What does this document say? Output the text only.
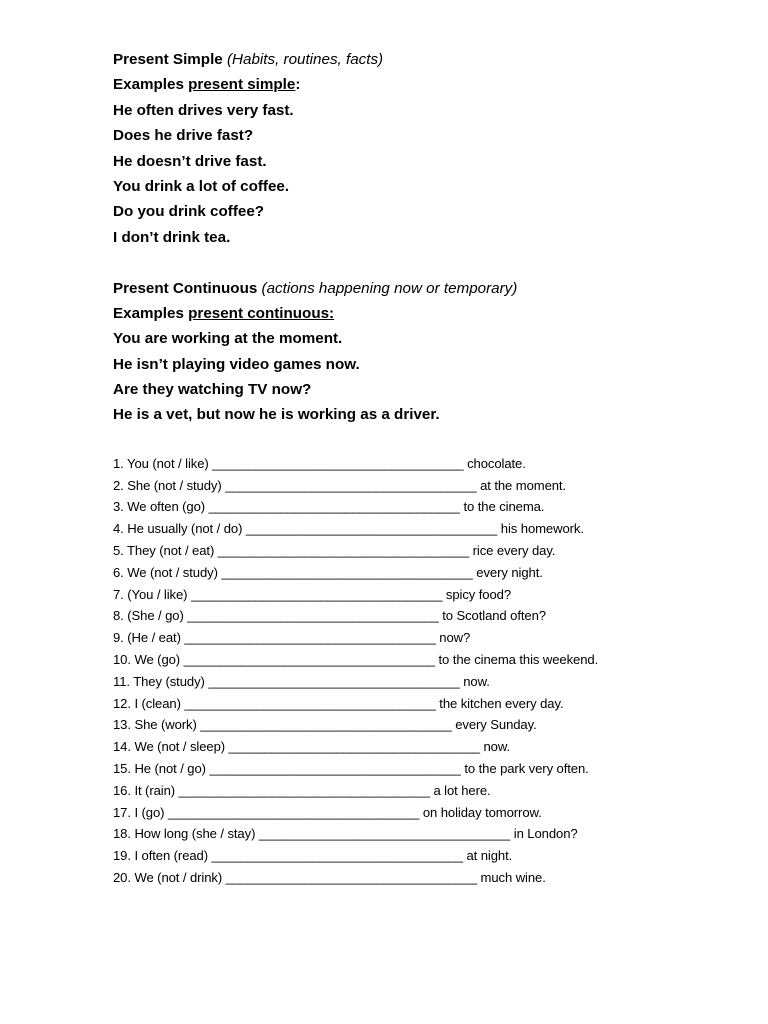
Present Simple (Habits, routines, facts)
Examples present simple:
He often drives very fast.
Does he drive fast?
He doesn’t drive fast.
You drink a lot of coffee.
Do you drink coffee?
I don’t drink tea.
Present Continuous (actions happening now or temporary)
Examples present continuous:
You are working at the moment.
He isn’t playing video games now.
Are they watching TV now?
He is a vet, but now he is working as a driver.
1. You (not / like) ___________________________________ chocolate.
2. She (not / study) ___________________________________ at the moment.
3. We often (go) ___________________________________ to the cinema.
4. He usually (not / do) ___________________________________ his homework.
5. They (not / eat) ___________________________________ rice every day.
6. We (not / study) ___________________________________ every night.
7. (You / like) ___________________________________ spicy food?
8. (She / go) ___________________________________ to Scotland often?
9. (He / eat) ___________________________________ now?
10. We (go) ___________________________________ to the cinema this weekend.
11. They (study) ___________________________________ now.
12. I (clean) ___________________________________ the kitchen every day.
13. She (work) ___________________________________ every Sunday.
14. We (not / sleep) ___________________________________ now.
15. He (not / go) ___________________________________ to the park very often.
16. It (rain) ___________________________________ a lot here.
17. I (go) ___________________________________ on holiday tomorrow.
18. How long (she / stay) ___________________________________ in London?
19. I often (read) ___________________________________ at night.
20. We (not / drink) ___________________________________ much wine.
